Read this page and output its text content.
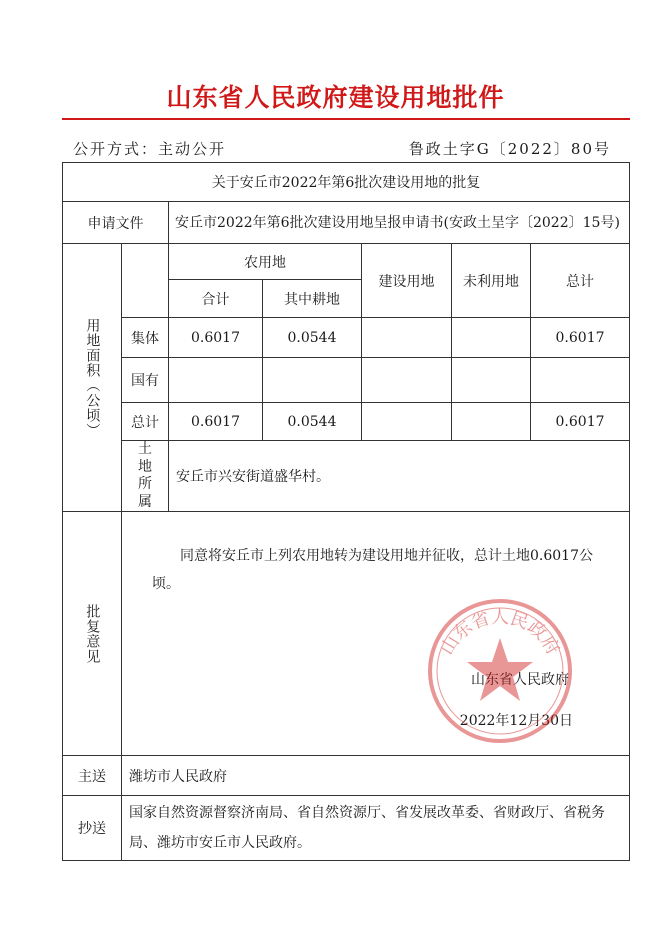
山东省人民政府建设用地批件
公开方式：主动公开	鲁政土字G〔2022〕80号
关于安丘市2022年第6批次建设用地的批复						
申请文件		安丘市2022年第6批次建设用地呈报申请书(安政土呈字〔2022〕15号)				

用地面积（公顷）		农用地		建设用地	未利用地	总计
		合计	其中耕地			
	集体	0.6017	0.0544			0.6017
	国有					
	总计	0.6017	0.0544			0.6017
	土地所属	安丘市兴安街道盛华村。				

批复意见	同意将安丘市上列农用地转为建设用地并征收，总计土地0.6017公顷。
山东省人民政府
2022年12月30日					

主送	潍坊市人民政府					
抄送	国家自然资源督察济南局、省自然资源厅、省发展改革委、省财政厅、省税务局、潍坊市安丘市人民政府。					
山东省人民政府
